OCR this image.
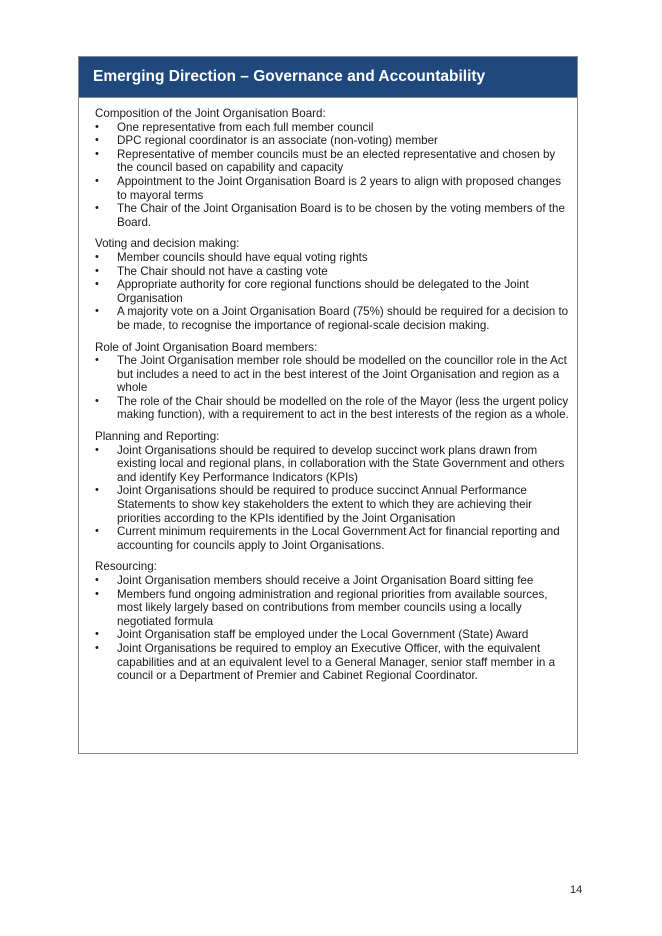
Emerging Direction – Governance and Accountability

Composition of the Joint Organisation Board:

• One representative from each full member council
• DPC regional coordinator is an associate (non-voting) member
• Representative of member councils must be an elected representative and chosen by the council based on capability and capacity
• Appointment to the Joint Organisation Board is 2 years to align with proposed changes to mayoral terms
• The Chair of the Joint Organisation Board is to be chosen by the voting members of the Board.

Voting and decision making:

• Member councils should have equal voting rights
• The Chair should not have a casting vote
• Appropriate authority for core regional functions should be delegated to the Joint Organisation
• A majority vote on a Joint Organisation Board (75%) should be required for a decision to be made, to recognise the importance of regional-scale decision making.

Role of Joint Organisation Board members:

• The Joint Organisation member role should be modelled on the councillor role in the Act but includes a need to act in the best interest of the Joint Organisation and region as a whole
• The role of the Chair should be modelled on the role of the Mayor (less the urgent policy making function), with a requirement to act in the best interests of the region as a whole.

Planning and Reporting:

• Joint Organisations should be required to develop succinct work plans drawn from existing local and regional plans, in collaboration with the State Government and others and identify Key Performance Indicators (KPIs)
• Joint Organisations should be required to produce succinct Annual Performance Statements to show key stakeholders the extent to which they are achieving their priorities according to the KPIs identified by the Joint Organisation
• Current minimum requirements in the Local Government Act for financial reporting and accounting for councils apply to Joint Organisations.

Resourcing:

• Joint Organisation members should receive a Joint Organisation Board sitting fee
• Members fund ongoing administration and regional priorities from available sources, most likely largely based on contributions from member councils using a locally negotiated formula
• Joint Organisation staff be employed under the Local Government (State) Award
• Joint Organisations be required to employ an Executive Officer, with the equivalent capabilities and at an equivalent level to a General Manager, senior staff member in a council or a Department of Premier and Cabinet Regional Coordinator.
14
